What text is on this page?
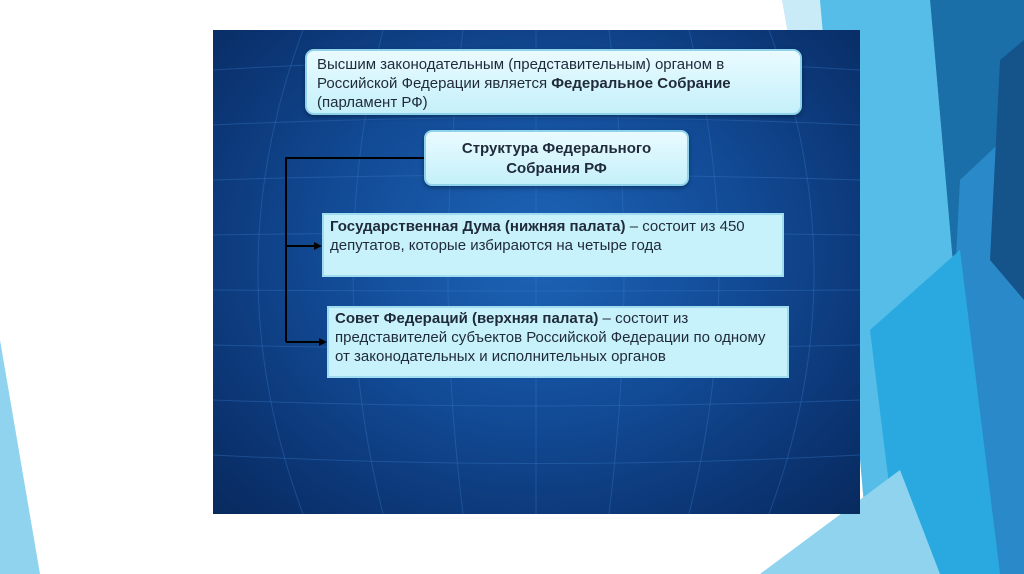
Высшим законодательным (представительным) органом в Российской Федерации является Федеральное Собрание (парламент РФ)
Структура Федерального Собрания РФ
Государственная Дума (нижняя палата) – состоит из 450 депутатов, которые избираются на четыре года
Совет Федераций (верхняя палата) – состоит из представителей субъектов Российской Федерации по одному от законодательных и исполнительных органов
